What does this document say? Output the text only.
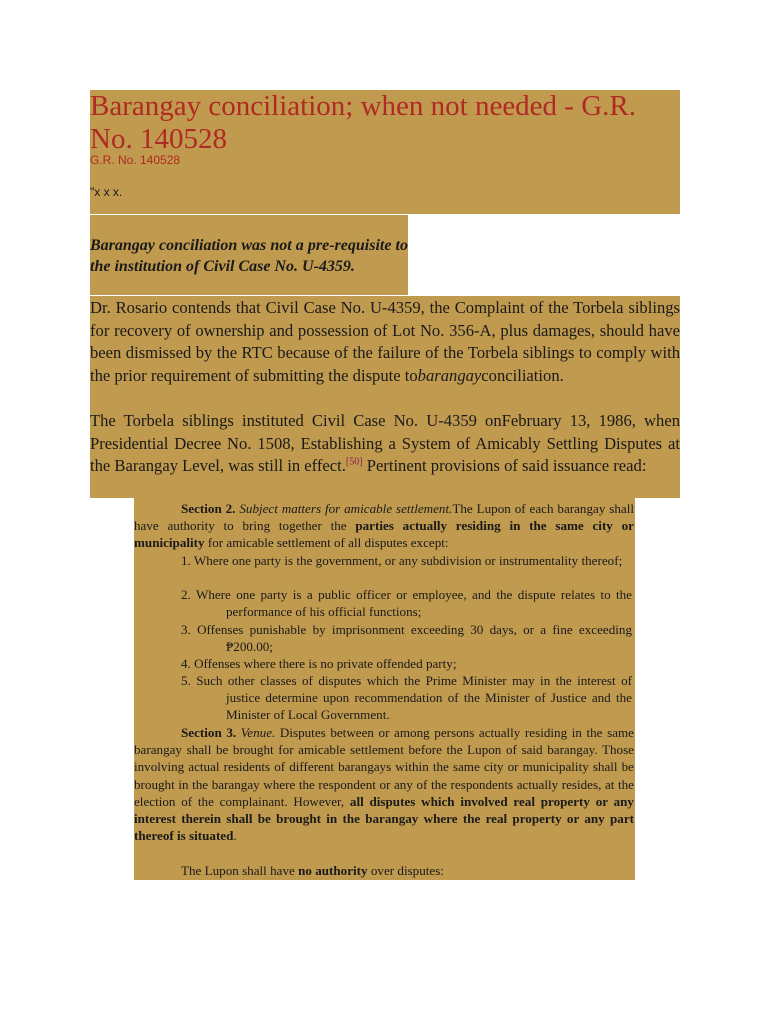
Barangay conciliation; when not needed - G.R. No. 140528
G.R. No. 140528
"x x x.

Barangay conciliation was not a pre-requisite to the institution of Civil Case No. U-4359.

Dr. Rosario contends that Civil Case No. U-4359, the Complaint of the Torbela siblings for recovery of ownership and possession of Lot No. 356-A, plus damages, should have been dismissed by the RTC because of the failure of the Torbela siblings to comply with the prior requirement of submitting the dispute tobarangayconciliation.

The Torbela siblings instituted Civil Case No. U-4359 onFebruary 13, 1986, when Presidential Decree No. 1508, Establishing a System of Amicably Settling Disputes at the Barangay Level, was still in effect.[50] Pertinent provisions of said issuance read:

Section 2. Subject matters for amicable settlement.The Lupon of each barangay shall have authority to bring together the parties actually residing in the same city or municipality for amicable settlement of all disputes except:

1. Where one party is the government, or any subdivision or instrumentality thereof;

2. Where one party is a public officer or employee, and the dispute relates to the performance of his official functions;

3. Offenses punishable by imprisonment exceeding 30 days, or a fine exceeding ₱200.00;

4. Offenses where there is no private offended party;

5. Such other classes of disputes which the Prime Minister may in the interest of justice determine upon recommendation of the Minister of Justice and the Minister of Local Government.

Section 3. Venue. Disputes between or among persons actually residing in the same barangay shall be brought for amicable settlement before the Lupon of said barangay. Those involving actual residents of different barangays within the same city or municipality shall be brought in the barangay where the respondent or any of the respondents actually resides, at the election of the complainant. However, all disputes which involved real property or any interest therein shall be brought in the barangay where the real property or any part thereof is situated.

The Lupon shall have no authority over disputes:
